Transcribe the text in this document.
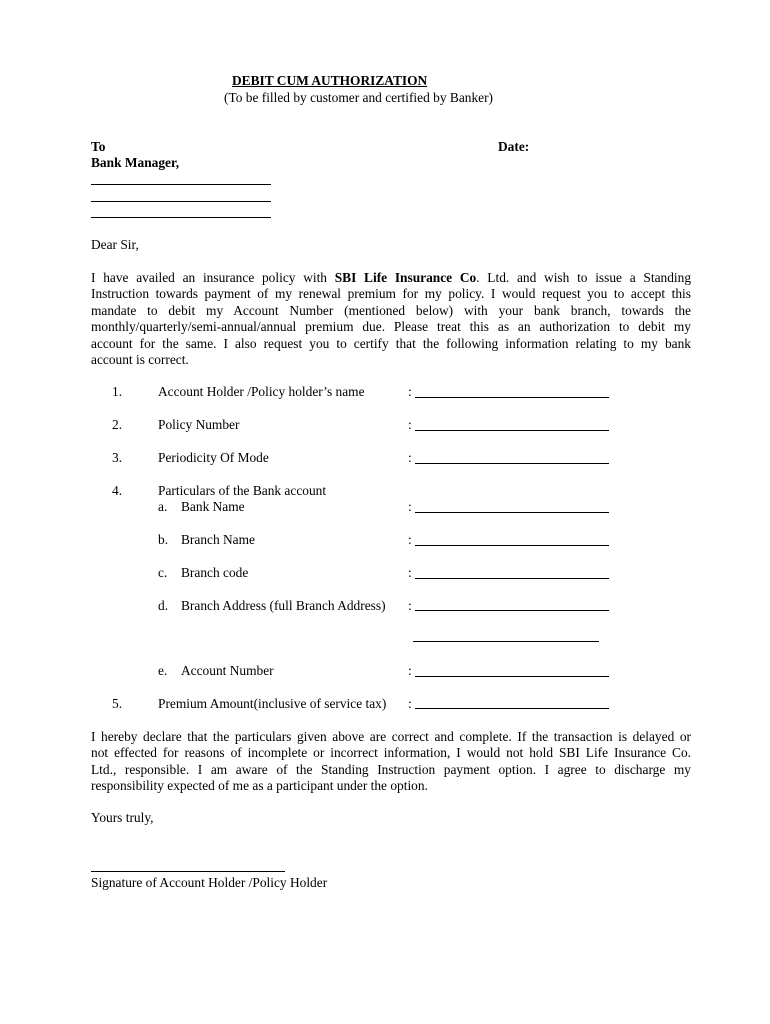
DEBIT CUM AUTHORIZATION
(To be filled by customer and certified by Banker)
To
Bank Manager,
Date:
Dear Sir,
I have availed an insurance policy with SBI Life Insurance Co. Ltd. and wish to issue a Standing
Instruction towards payment of my renewal premium for my policy. I would request you to accept this
mandate to debit my Account Number (mentioned below) with your bank branch, towards the
monthly/quarterly/semi-annual/annual premium due. Please treat this as an authorization to debit my
account for the same. I also request you to certify that the following information relating to my bank
account is correct.
1.	Account Holder /Policy holder’s name	:
2.	Policy Number	:
3.	Periodicity Of Mode	:
4.	Particulars of the Bank account
a. Bank Name	:
b. Branch Name	:
c. Branch code	:
d. Branch Address (full Branch Address) :
e. Account Number	:
5.	Premium Amount(inclusive of service tax) :
I hereby declare that the particulars given above are correct and complete. If the transaction is delayed or
not effected for reasons of incomplete or incorrect information, I would not hold SBI Life Insurance Co.
Ltd., responsible. I am aware of the Standing Instruction payment option. I agree to discharge my
responsibility expected of me as a participant under the option.
Yours truly,
Signature of Account Holder /Policy Holder
